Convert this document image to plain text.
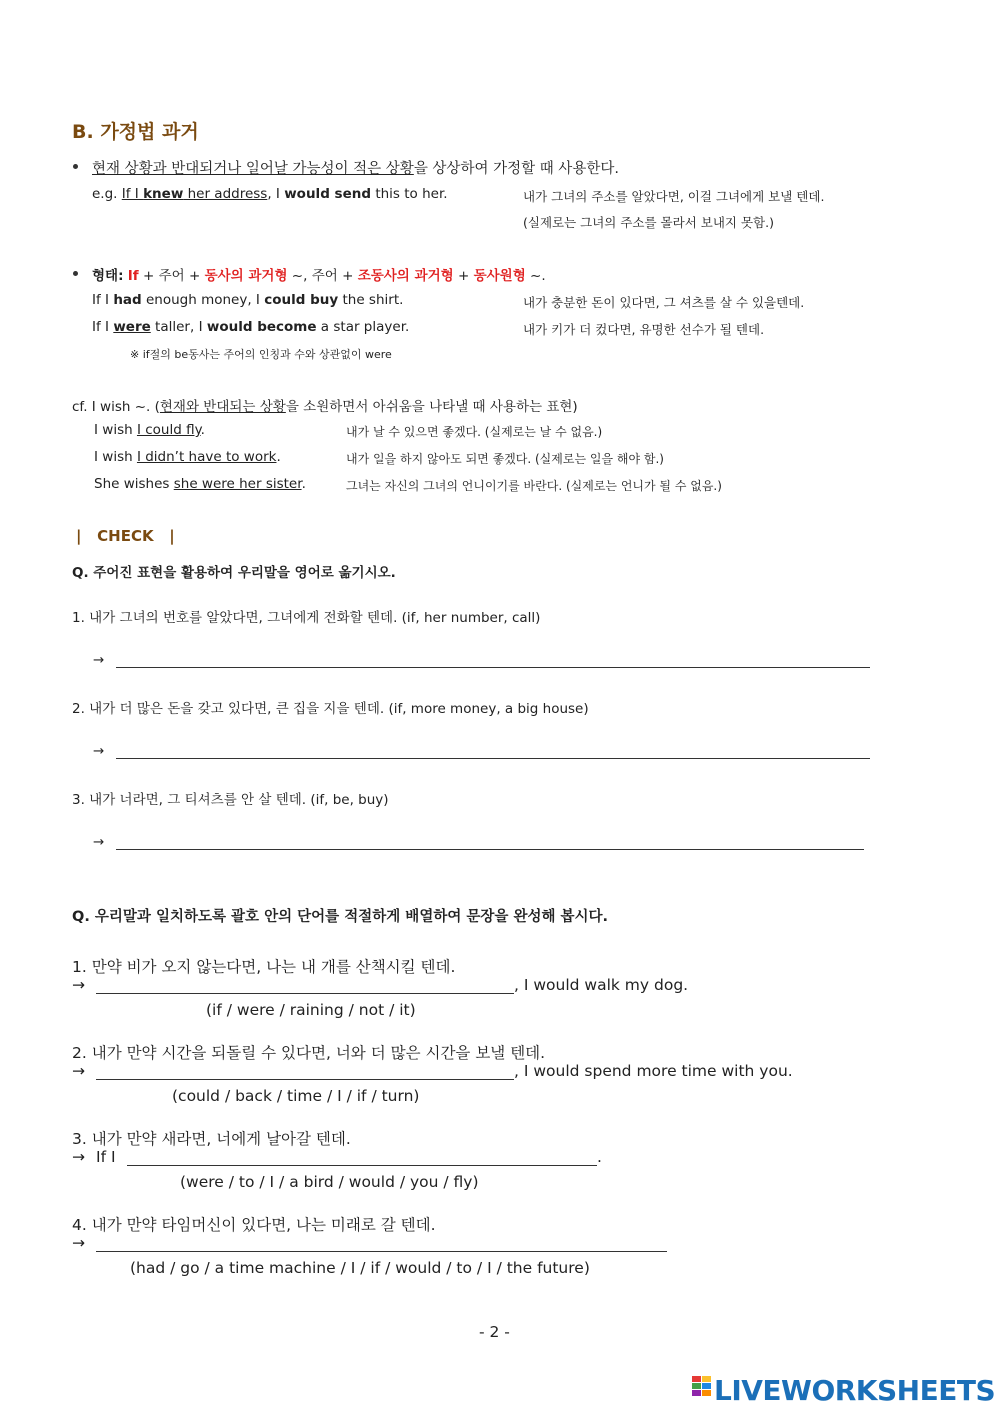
B. 가정법 과거
현재 상황과 반대되거나 일어날 가능성이 적은 상황을 상상하여 가정할 때 사용한다.
e.g. If I knew her address, I would send this to her.	내가 그녀의 주소를 알았다면, 이걸 그녀에게 보낼 텐데.
(실제로는 그녀의 주소를 몰라서 보내지 못함.)
형태: If + 주어 + 동사의 과거형 ~, 주어 + 조동사의 과거형 + 동사원형 ~.
If I had enough money, I could buy the shirt.	내가 충분한 돈이 있다면, 그 셔츠를 살 수 있을텐데.
If I were taller, I would become a star player.	내가 키가 더 컸다면, 유명한 선수가 될 텐데.
※ if절의 be동사는 주어의 인칭과 수와 상관없이 were
cf. I wish ~. (현재와 반대되는 상황을 소원하면서 아쉬움을 나타낼 때 사용하는 표현)
I wish I could fly.	내가 날 수 있으면 좋겠다. (실제로는 날 수 없음.)
I wish I didn’t have to work.	내가 일을 하지 않아도 되면 좋겠다. (실제로는 일을 해야 함.)
She wishes she were her sister.	그녀는 자신의 그녀의 언니이기를 바란다. (실제로는 언니가 될 수 없음.)
|   CHECK   |
Q. 주어진 표현을 활용하여 우리말을 영어로 옮기시오.
1. 내가 그녀의 번호를 알았다면, 그녀에게 전화할 텐데. (if, her number, call)
→
2. 내가 더 많은 돈을 갖고 있다면, 큰 집을 지을 텐데. (if, more money, a big house)
→
3. 내가 너라면, 그 티셔츠를 안 살 텐데. (if, be, buy)
→
Q. 우리말과 일치하도록 괄호 안의 단어를 적절하게 배열하여 문장을 완성해 봅시다.
1. 만약 비가 오지 않는다면, 나는 내 개를 산책시킬 텐데.
→	, I would walk my dog.
(if / were / raining / not / it)
2. 내가 만약 시간을 되돌릴 수 있다면, 너와 더 많은 시간을 보낼 텐데.
→	, I would spend more time with you.
(could / back / time / I / if / turn)
3. 내가 만약 새라면, 너에게 날아갈 텐데.
→ If I	.
(were / to / I / a bird / would / you / fly)
4. 내가 만약 타임머신이 있다면, 나는 미래로 갈 텐데.
→
(had / go / a time machine / I / if / would / to / I / the future)
- 2 -
LIVEWORKSHEETS
